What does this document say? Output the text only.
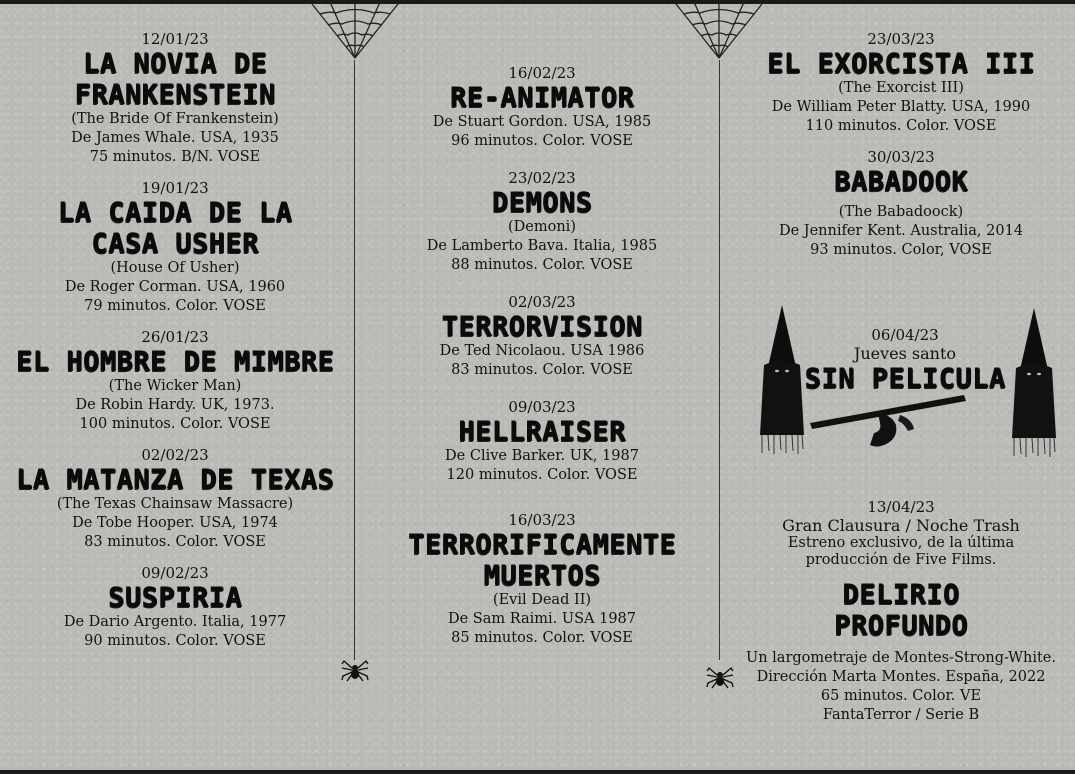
12/01/23
LA NOVIA DE
FRANKENSTEIN
(The Bride Of Frankenstein)
De James Whale. USA, 1935
75 minutos. B/N. VOSE
19/01/23
LA CAIDA DE LA
CASA USHER
(House Of Usher)
De Roger Corman. USA, 1960
79 minutos. Color. VOSE
26/01/23
EL HOMBRE DE MIMBRE
(The Wicker Man)
De Robin Hardy. UK, 1973.
100 minutos. Color. VOSE
02/02/23
LA MATANZA DE TEXAS
(The Texas Chainsaw Massacre)
De Tobe Hooper. USA, 1974
83 minutos. Color. VOSE
09/02/23
SUSPIRIA
De Dario Argento. Italia, 1977
90 minutos. Color. VOSE
16/02/23
RE-ANIMATOR
De Stuart Gordon. USA, 1985
96 minutos. Color. VOSE
23/02/23
DEMONS
(Demoni)
De Lamberto Bava. Italia, 1985
88 minutos. Color. VOSE
02/03/23
TERRORVISION
De Ted Nicolaou. USA 1986
83 minutos. Color. VOSE
09/03/23
HELLRAISER
De Clive Barker. UK, 1987
120 minutos. Color. VOSE
16/03/23
TERRORIFICAMENTE
MUERTOS
(Evil Dead II)
De Sam Raimi. USA 1987
85 minutos. Color. VOSE
23/03/23
EL EXORCISTA III
(The Exorcist III)
De William Peter Blatty. USA, 1990
110 minutos. Color. VOSE
30/03/23
BABADOOK
(The Babadoock)
De Jennifer Kent. Australia, 2014
93 minutos. Color, VOSE
06/04/23
Jueves santo
SIN PELICULA
13/04/23
Gran Clausura / Noche Trash
Estreno exclusivo, de la última
producción de Five Films.
DELIRIO
PROFUNDO
Un largometraje de Montes-Strong-White.
Dirección Marta Montes. España, 2022
65 minutos. Color. VE
FantaTerror / Serie B
